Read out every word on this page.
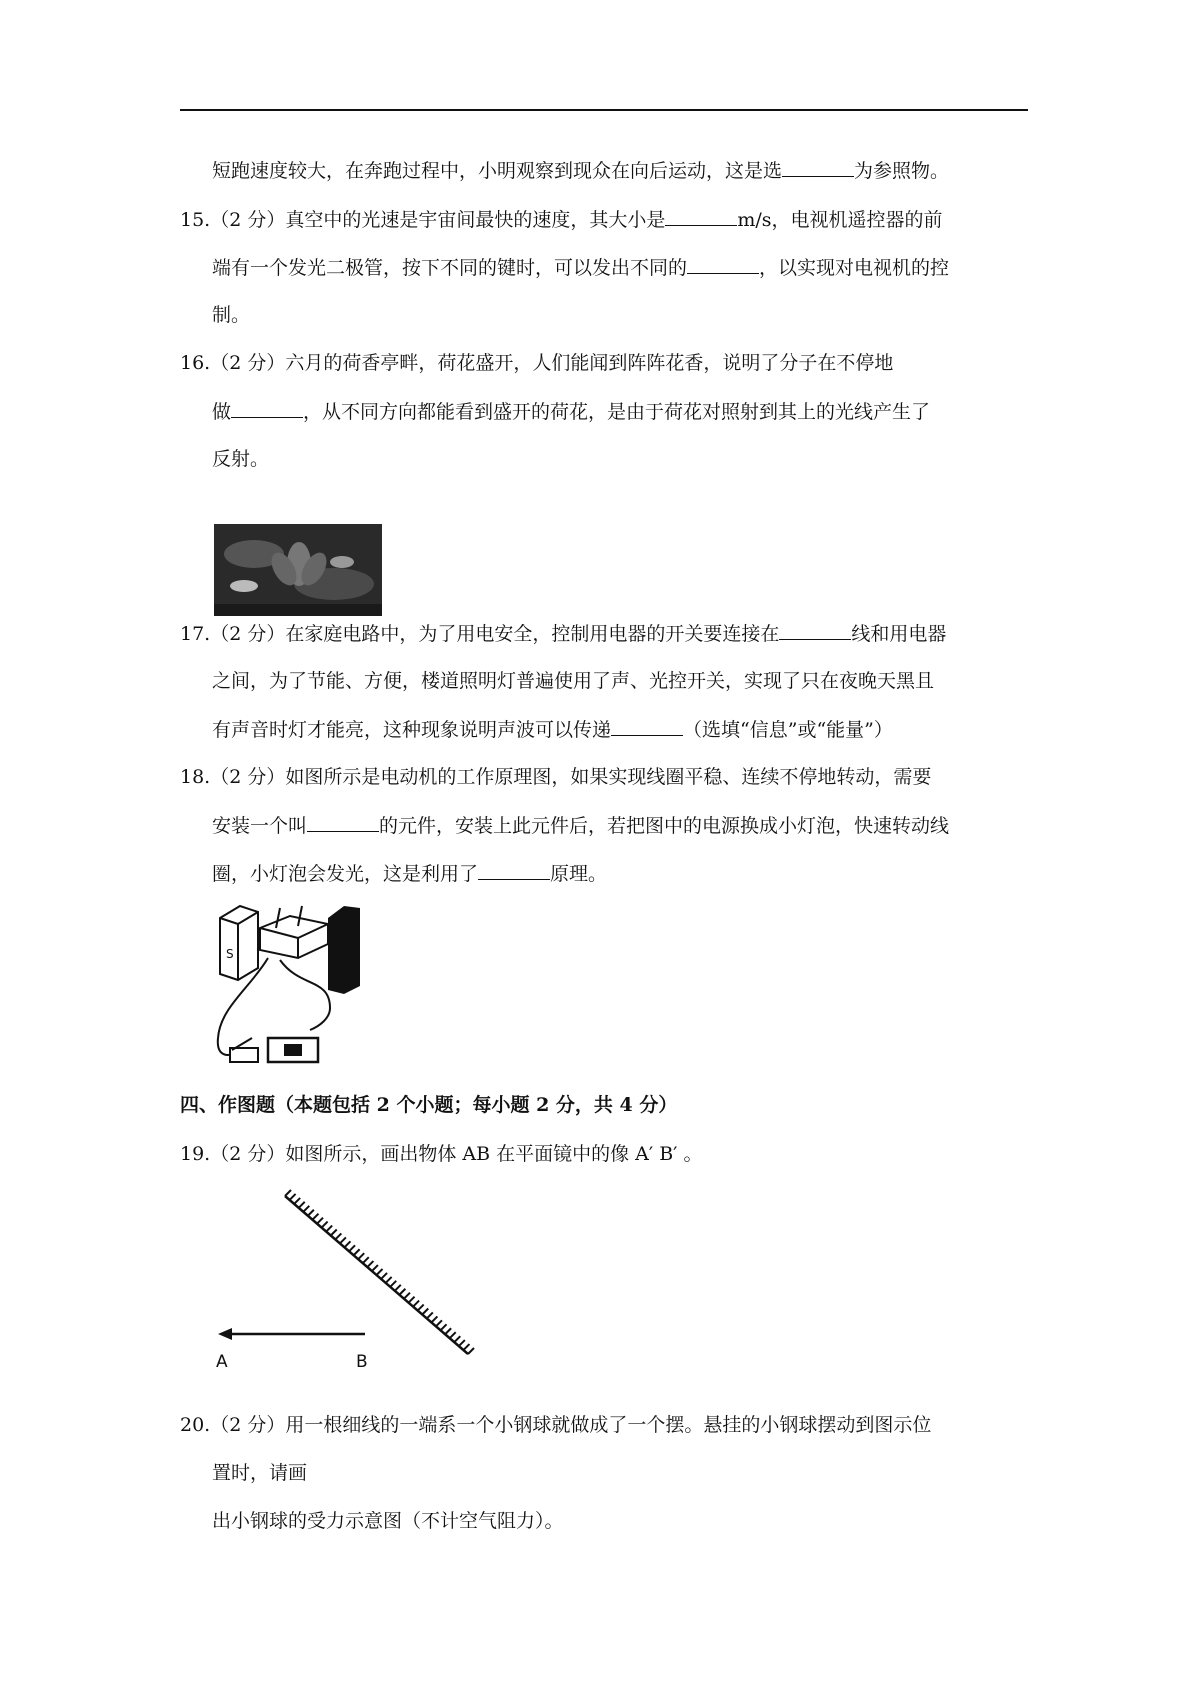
短跑速度较大，在奔跑过程中，小明观察到现众在向后运动，这是选	为参照物。
15.（2 分）真空中的光速是宇宙间最快的速度，其大小是	m/s，电视机遥控器的前
端有一个发光二极管，按下不同的键时，可以发出不同的	，以实现对电视机的控
制。
16.（2 分）六月的荷香亭畔，荷花盛开，人们能闻到阵阵花香，说明了分子在不停地
做	，从不同方向都能看到盛开的荷花，是由于荷花对照射到其上的光线产生了
反射。
17.（2 分）在家庭电路中，为了用电安全，控制用电器的开关要连接在	线和用电器
之间，为了节能、方便，楼道照明灯普遍使用了声、光控开关，实现了只在夜晚天黑且
有声音时灯才能亮，这种现象说明声波可以传递	（选填“信息”或“能量”）
18.（2 分）如图所示是电动机的工作原理图，如果实现线圈平稳、连续不停地转动，需要
安装一个叫	的元件，安装上此元件后，若把图中的电源换成小灯泡，快速转动线
圈，小灯泡会发光，这是利用了	原理。
S
四、作图题（本题包括 2 个小题；每小题 2 分，共 4 分）
19.（2 分）如图所示，画出物体 AB 在平面镜中的像 A′ B′ 。
A	B
20.（2 分）用一根细线的一端系一个小钢球就做成了一个摆。悬挂的小钢球摆动到图示位
置时，请画
出小钢球的受力示意图（不计空气阻力）。
